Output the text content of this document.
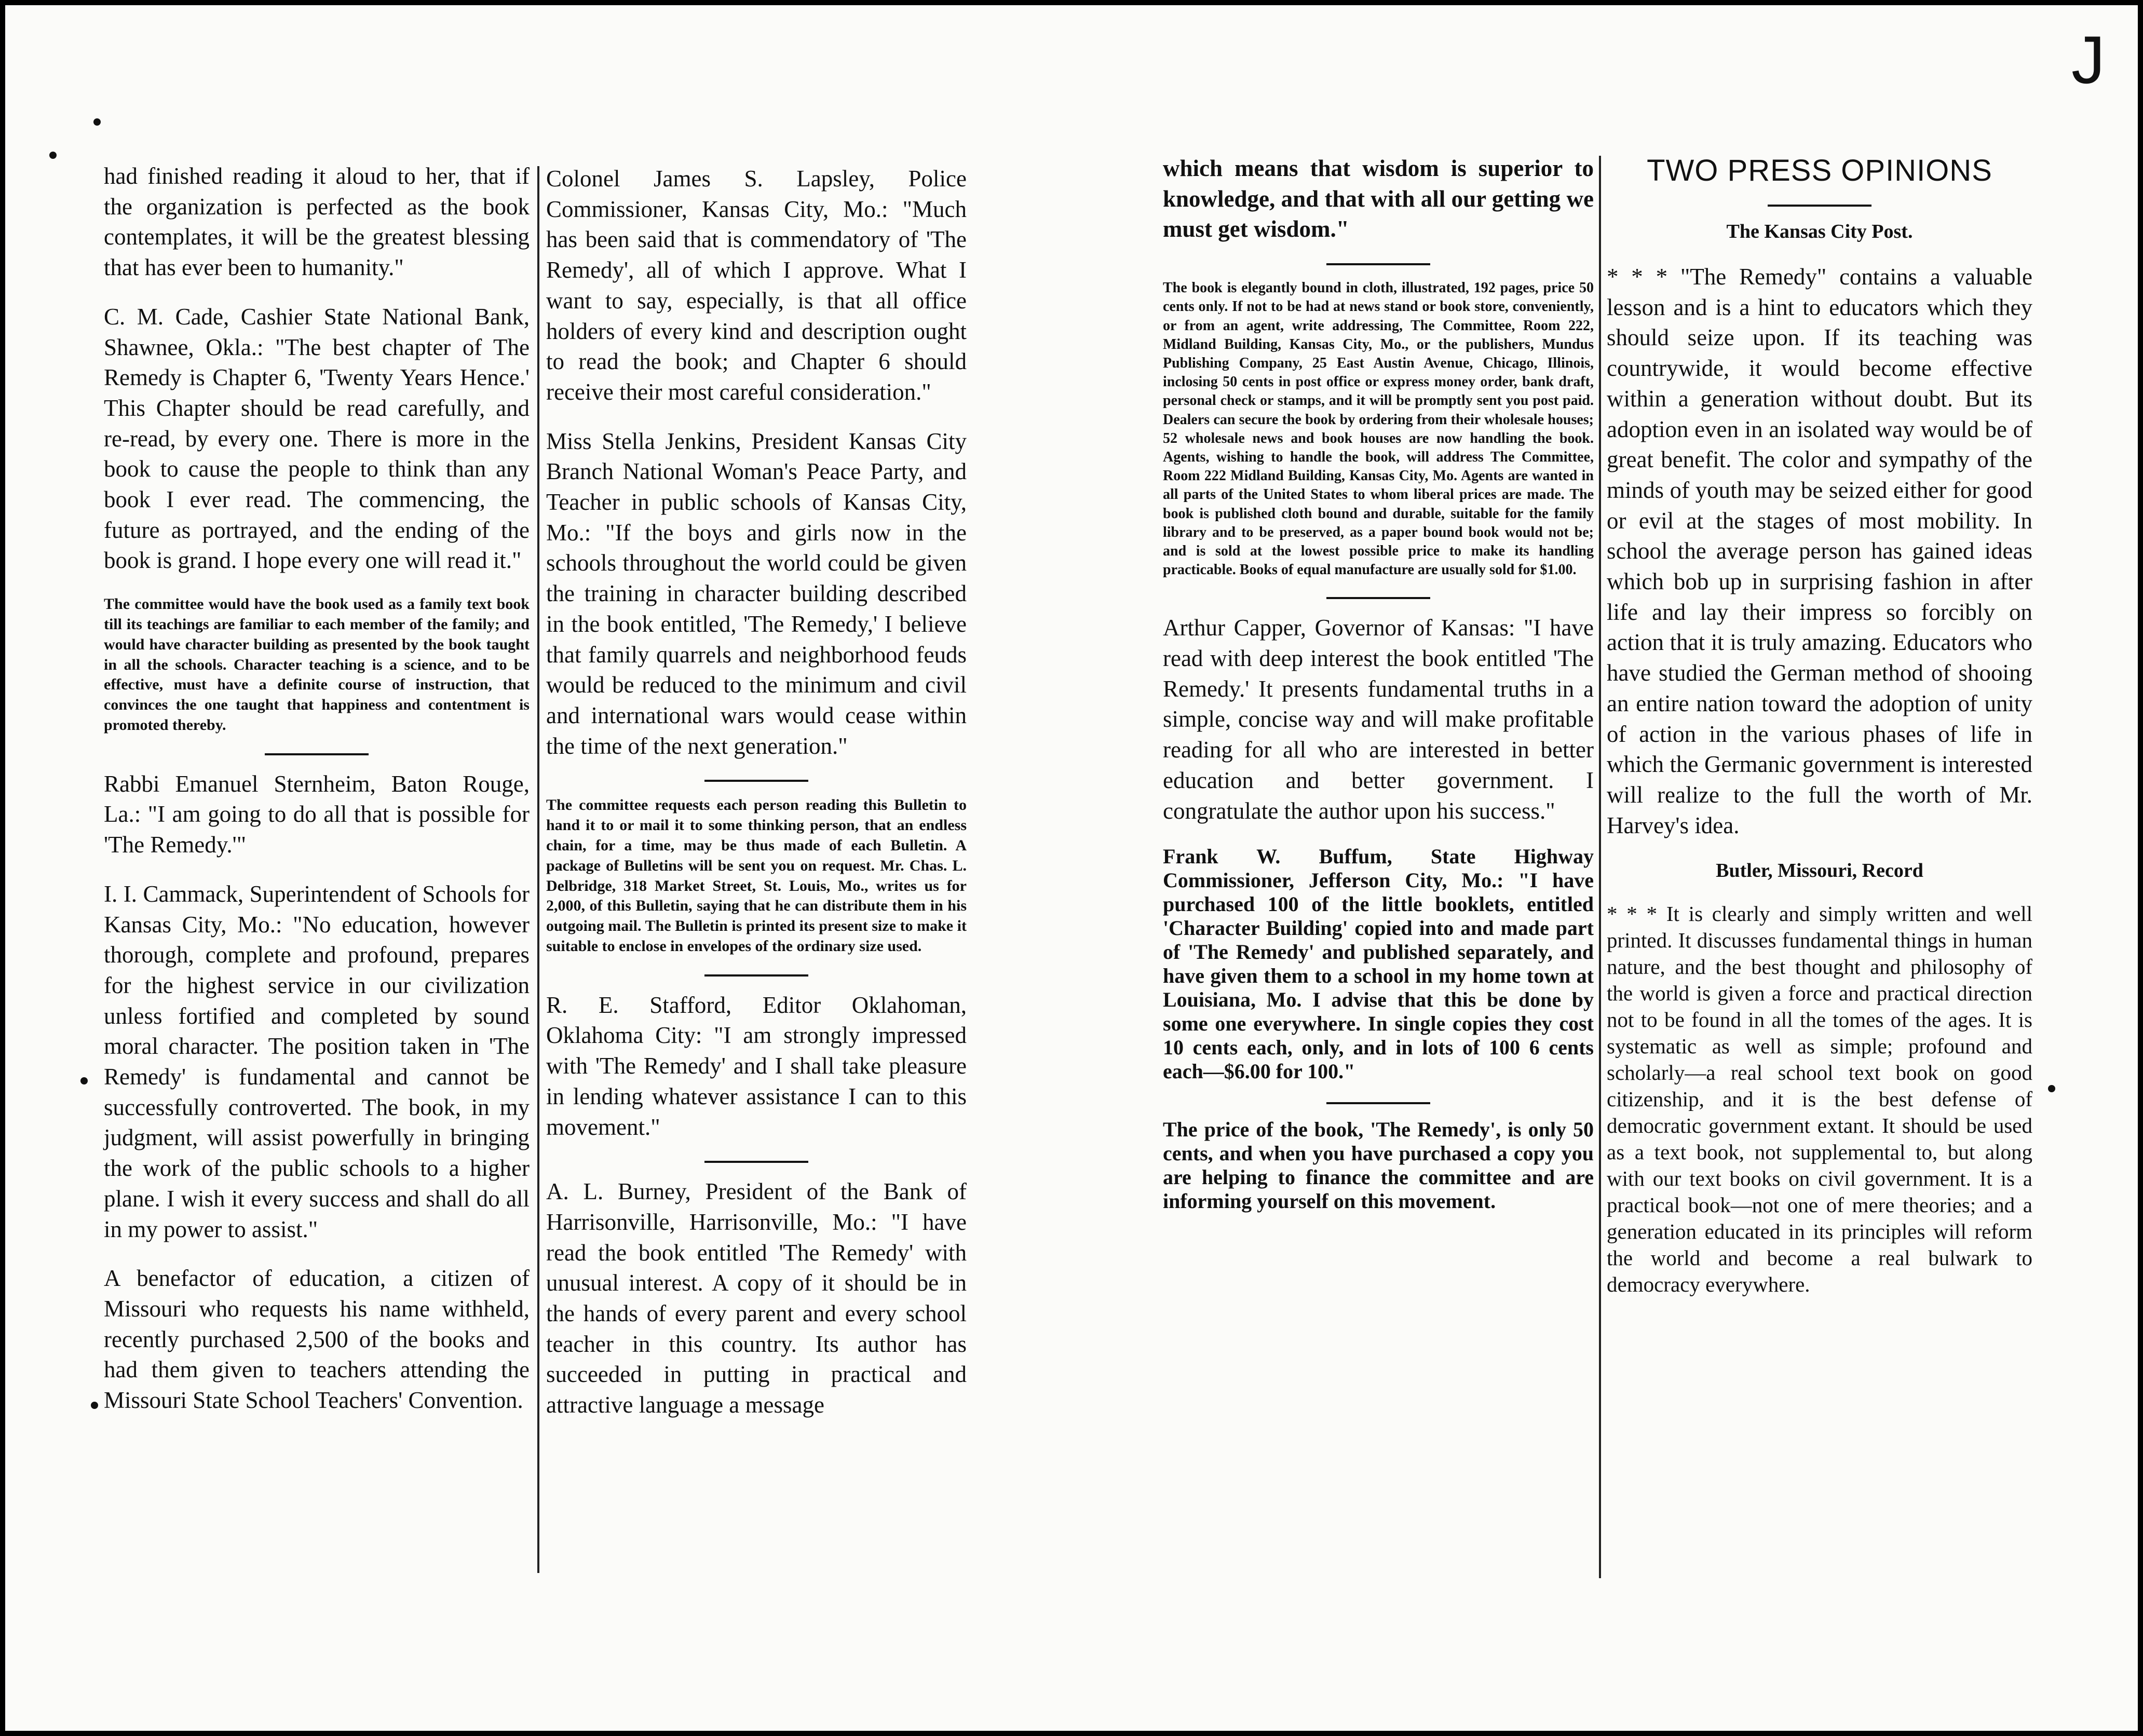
J

had finished reading it aloud to her, that if the organization is perfected as the book contemplates, it will be the greatest blessing that has ever been to humanity."

C. M. Cade, Cashier State National Bank, Shawnee, Okla.: "The best chapter of The Remedy is Chapter 6, 'Twenty Years Hence.' This Chapter should be read carefully, and re-read, by every one. There is more in the book to cause the people to think than any book I ever read. The commencing, the future as portrayed, and the ending of the book is grand. I hope every one will read it."

The committee would have the book used as a family text book till its teachings are familiar to each member of the family; and would have character building as presented by the book taught in all the schools. Character teaching is a science, and to be effective, must have a definite course of instruction, that convinces the one taught that happiness and contentment is promoted thereby.

Rabbi Emanuel Sternheim, Baton Rouge, La.: "I am going to do all that is possible for 'The Remedy.'"

I. I. Cammack, Superintendent of Schools for Kansas City, Mo.: "No education, however thorough, complete and profound, prepares for the highest service in our civilization unless fortified and completed by sound moral character. The position taken in 'The Remedy' is fundamental and cannot be successfully controverted. The book, in my judgment, will assist powerfully in bringing the work of the public schools to a higher plane. I wish it every success and shall do all in my power to assist."

A benefactor of education, a citizen of Missouri who requests his name withheld, recently purchased 2,500 of the books and had them given to teachers attending the Missouri State School Teachers' Convention.

Colonel James S. Lapsley, Police Commissioner, Kansas City, Mo.: "Much has been said that is commendatory of 'The Remedy', all of which I approve. What I want to say, especially, is that all office holders of every kind and description ought to read the book; and Chapter 6 should receive their most careful consideration."

Miss Stella Jenkins, President Kansas City Branch National Woman's Peace Party, and Teacher in public schools of Kansas City, Mo.: "If the boys and girls now in the schools throughout the world could be given the training in character building described in the book entitled, 'The Remedy,' I believe that family quarrels and neighborhood feuds would be reduced to the minimum and civil and international wars would cease within the time of the next generation."

The committee requests each person reading this Bulletin to hand it to or mail it to some thinking person, that an endless chain, for a time, may be thus made of each Bulletin. A package of Bulletins will be sent you on request. Mr. Chas. L. Delbridge, 318 Market Street, St. Louis, Mo., writes us for 2,000, of this Bulletin, saying that he can distribute them in his outgoing mail. The Bulletin is printed its present size to make it suitable to enclose in envelopes of the ordinary size used.

R. E. Stafford, Editor Oklahoman, Oklahoma City: "I am strongly impressed with 'The Remedy' and I shall take pleasure in lending whatever assistance I can to this movement."

A. L. Burney, President of the Bank of Harrisonville, Harrisonville, Mo.: "I have read the book entitled 'The Remedy' with unusual interest. A copy of it should be in the hands of every parent and every school teacher in this country. Its author has succeeded in putting in practical and attractive language a message

which means that wisdom is superior to knowledge, and that with all our getting we must get wisdom."

The book is elegantly bound in cloth, illustrated, 192 pages, price 50 cents only. If not to be had at news stand or book store, conveniently, or from an agent, write addressing, The Committee, Room 222, Midland Building, Kansas City, Mo., or the publishers, Mundus Publishing Company, 25 East Austin Avenue, Chicago, Illinois, inclosing 50 cents in post office or express money order, bank draft, personal check or stamps, and it will be promptly sent you post paid. Dealers can secure the book by ordering from their wholesale houses; 52 wholesale news and book houses are now handling the book. Agents, wishing to handle the book, will address The Committee, Room 222 Midland Building, Kansas City, Mo. Agents are wanted in all parts of the United States to whom liberal prices are made. The book is published cloth bound and durable, suitable for the family library and to be preserved, as a paper bound book would not be; and is sold at the lowest possible price to make its handling practicable. Books of equal manufacture are usually sold for $1.00.

Arthur Capper, Governor of Kansas: "I have read with deep interest the book entitled 'The Remedy.' It presents fundamental truths in a simple, concise way and will make profitable reading for all who are interested in better education and better government. I congratulate the author upon his success."

Frank W. Buffum, State Highway Commissioner, Jefferson City, Mo.: "I have purchased 100 of the little booklets, entitled 'Character Building' copied into and made part of 'The Remedy' and published separately, and have given them to a school in my home town at Louisiana, Mo. I advise that this be done by some one everywhere. In single copies they cost 10 cents each, only, and in lots of 100 6 cents each—$6.00 for 100."

The price of the book, 'The Remedy', is only 50 cents, and when you have purchased a copy you are helping to finance the committee and are informing yourself on this movement.

TWO PRESS OPINIONS
The Kansas City Post.

* * * "The Remedy" contains a valuable lesson and is a hint to educators which they should seize upon. If its teaching was countrywide, it would become effective within a generation without doubt. But its adoption even in an isolated way would be of great benefit. The color and sympathy of the minds of youth may be seized either for good or evil at the stages of most mobility. In school the average person has gained ideas which bob up in surprising fashion in after life and lay their impress so forcibly on action that it is truly amazing. Educators who have studied the German method of shooing an entire nation toward the adoption of unity of action in the various phases of life in which the Germanic government is interested will realize to the full the worth of Mr. Harvey's idea.

Butler, Missouri, Record

* * * It is clearly and simply written and well printed. It discusses fundamental things in human nature, and the best thought and philosophy of the world is given a force and practical direction not to be found in all the tomes of the ages. It is systematic as well as simple; profound and scholarly—a real school text book on good citizenship, and it is the best defense of democratic government extant. It should be used as a text book, not supplemental to, but along with our text books on civil government. It is a practical book—not one of mere theories; and a generation educated in its principles will reform the world and become a real bulwark to democracy everywhere.
